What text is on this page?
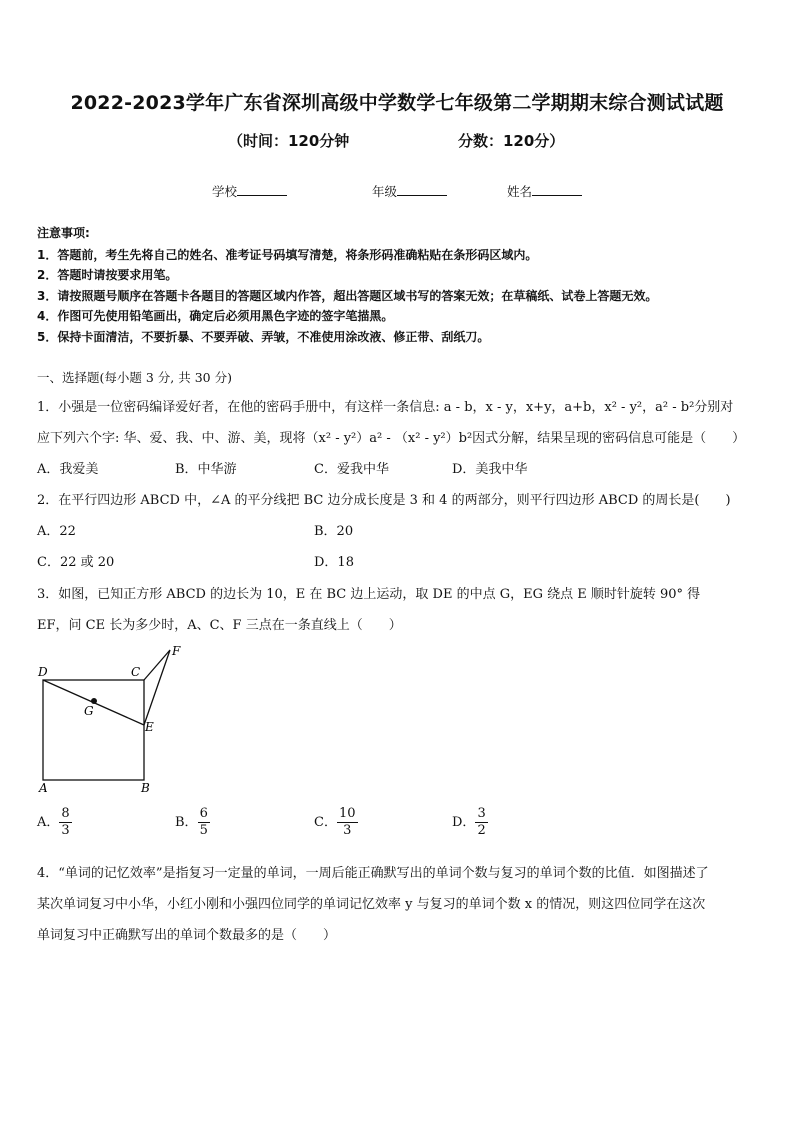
2022-2023学年广东省深圳高级中学数学七年级第二学期期末综合测试试题
（时间：120分钟	分数：120分）
学校	年级	姓名
注意事项:
1．答题前，考生先将自己的姓名、准考证号码填写清楚，将条形码准确粘贴在条形码区域内。
2．答题时请按要求用笔。
3．请按照题号顺序在答题卡各题目的答题区域内作答，超出答题区域书写的答案无效；在草稿纸、试卷上答题无效。
4．作图可先使用铅笔画出，确定后必须用黑色字迹的签字笔描黑。
5．保持卡面清洁，不要折暴、不要弄破、弄皱，不准使用涂改液、修正带、刮纸刀。
一、选择题(每小题 3 分, 共 30 分)
1．小强是一位密码编译爱好者，在他的密码手册中，有这样一条信息: a - b，x - y，x+y，a+b，x² - y²，a² - b²分别对
应下列六个字: 华、爱、我、中、游、美，现将（x² - y²）a² - （x² - y²）b²因式分解，结果呈现的密码信息可能是（　　）
A．我爱美	B．中华游	C．爱我中华	D．美我中华
2．在平行四边形 ABCD 中，∠A 的平分线把 BC 边分成长度是 3 和 4 的两部分，则平行四边形 ABCD 的周长是(　　)
A．22	B．20
C．22 或 20	D．18
3．如图，已知正方形 ABCD 的边长为 10，E 在 BC 边上运动，取 DE 的中点 G，EG 绕点 E 顺时针旋转 90° 得
EF，问 CE 长为多少时，A、C、F 三点在一条直线上（　　）
D	C
F
G
E
A	B
A． $\frac{8}{3}$	B． $\frac{6}{5}$	C． $\frac{10}{3}$	D． $\frac{3}{2}$
4．“单词的记忆效率”是指复习一定量的单词，一周后能正确默写出的单词个数与复习的单词个数的比值．如图描述了
某次单词复习中小华，小红小刚和小强四位同学的单词记忆效率 y 与复习的单词个数 x 的情况，则这四位同学在这次
单词复习中正确默写出的单词个数最多的是（　　）
